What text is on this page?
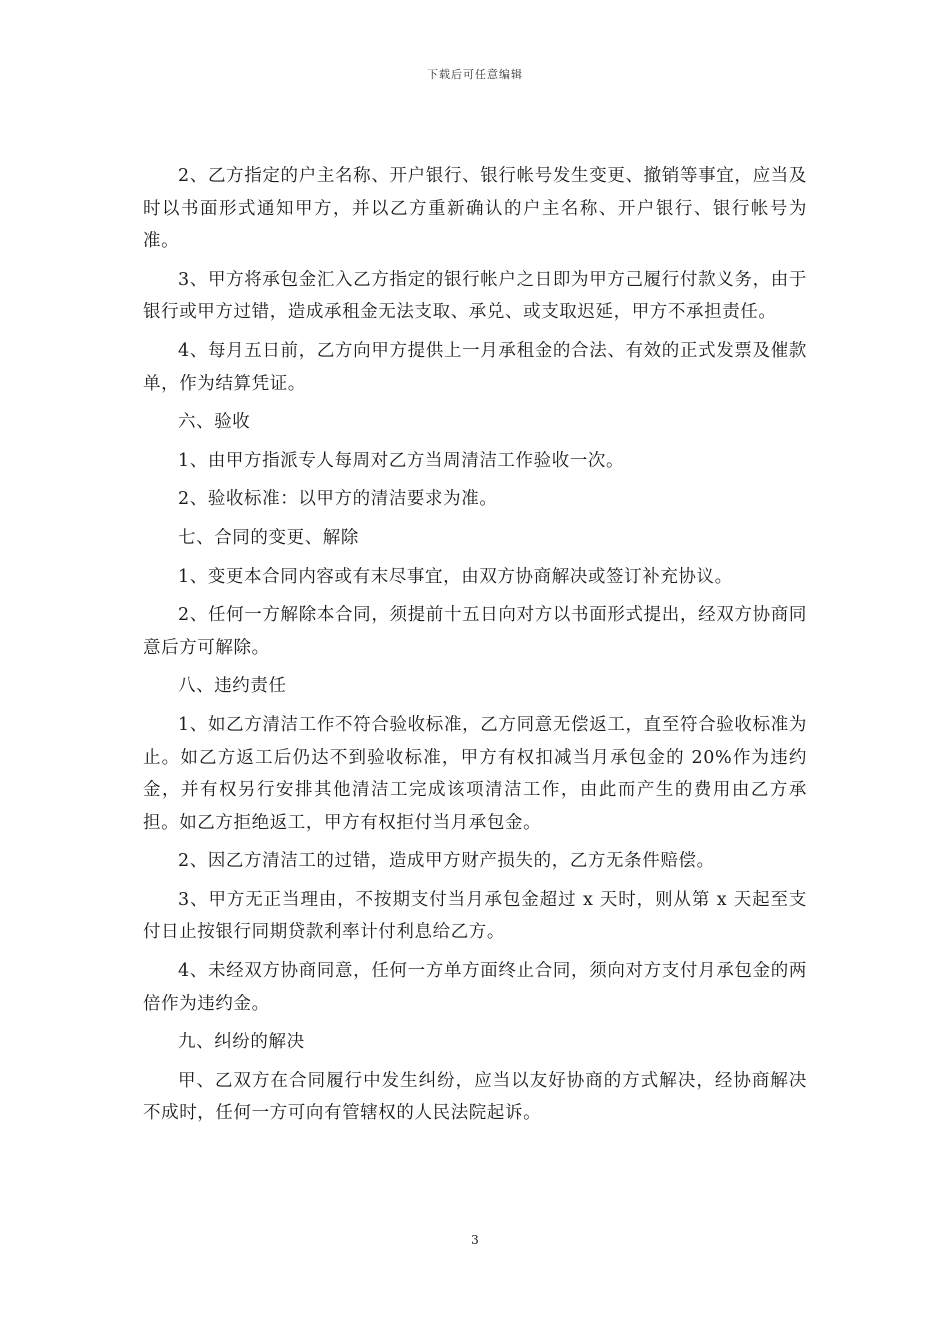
下载后可任意编辑

2、乙方指定的户主名称、开户银行、银行帐号发生变更、撤销等事宜，应当及时以书面形式通知甲方，并以乙方重新确认的户主名称、开户银行、银行帐号为准。

3、甲方将承包金汇入乙方指定的银行帐户之日即为甲方己履行付款义务，由于银行或甲方过错，造成承租金无法支取、承兑、或支取迟延，甲方不承担责任。

4、每月五日前，乙方向甲方提供上一月承租金的合法、有效的正式发票及催款单，作为结算凭证。

六、验收

1、由甲方指派专人每周对乙方当周清洁工作验收一次。

2、验收标准：以甲方的清洁要求为准。

七、合同的变更、解除

1、变更本合同内容或有末尽事宜，由双方协商解决或签订补充协议。

2、任何一方解除本合同，须提前十五日向对方以书面形式提出，经双方协商同意后方可解除。

八、违约责任

1、如乙方清洁工作不符合验收标准，乙方同意无偿返工，直至符合验收标准为止。如乙方返工后仍达不到验收标准，甲方有权扣减当月承包金的 20%作为违约金，并有权另行安排其他清洁工完成该项清洁工作，由此而产生的费用由乙方承担。如乙方拒绝返工，甲方有权拒付当月承包金。

2、因乙方清洁工的过错，造成甲方财产损失的，乙方无条件赔偿。

3、甲方无正当理由，不按期支付当月承包金超过 x 天时，则从第 x 天起至支付日止按银行同期贷款利率计付利息给乙方。

4、未经双方协商同意，任何一方单方面终止合同，须向对方支付月承包金的两倍作为违约金。

九、纠纷的解决

甲、乙双方在合同履行中发生纠纷，应当以友好协商的方式解决，经协商解决不成时，任何一方可向有管辖权的人民法院起诉。

3
